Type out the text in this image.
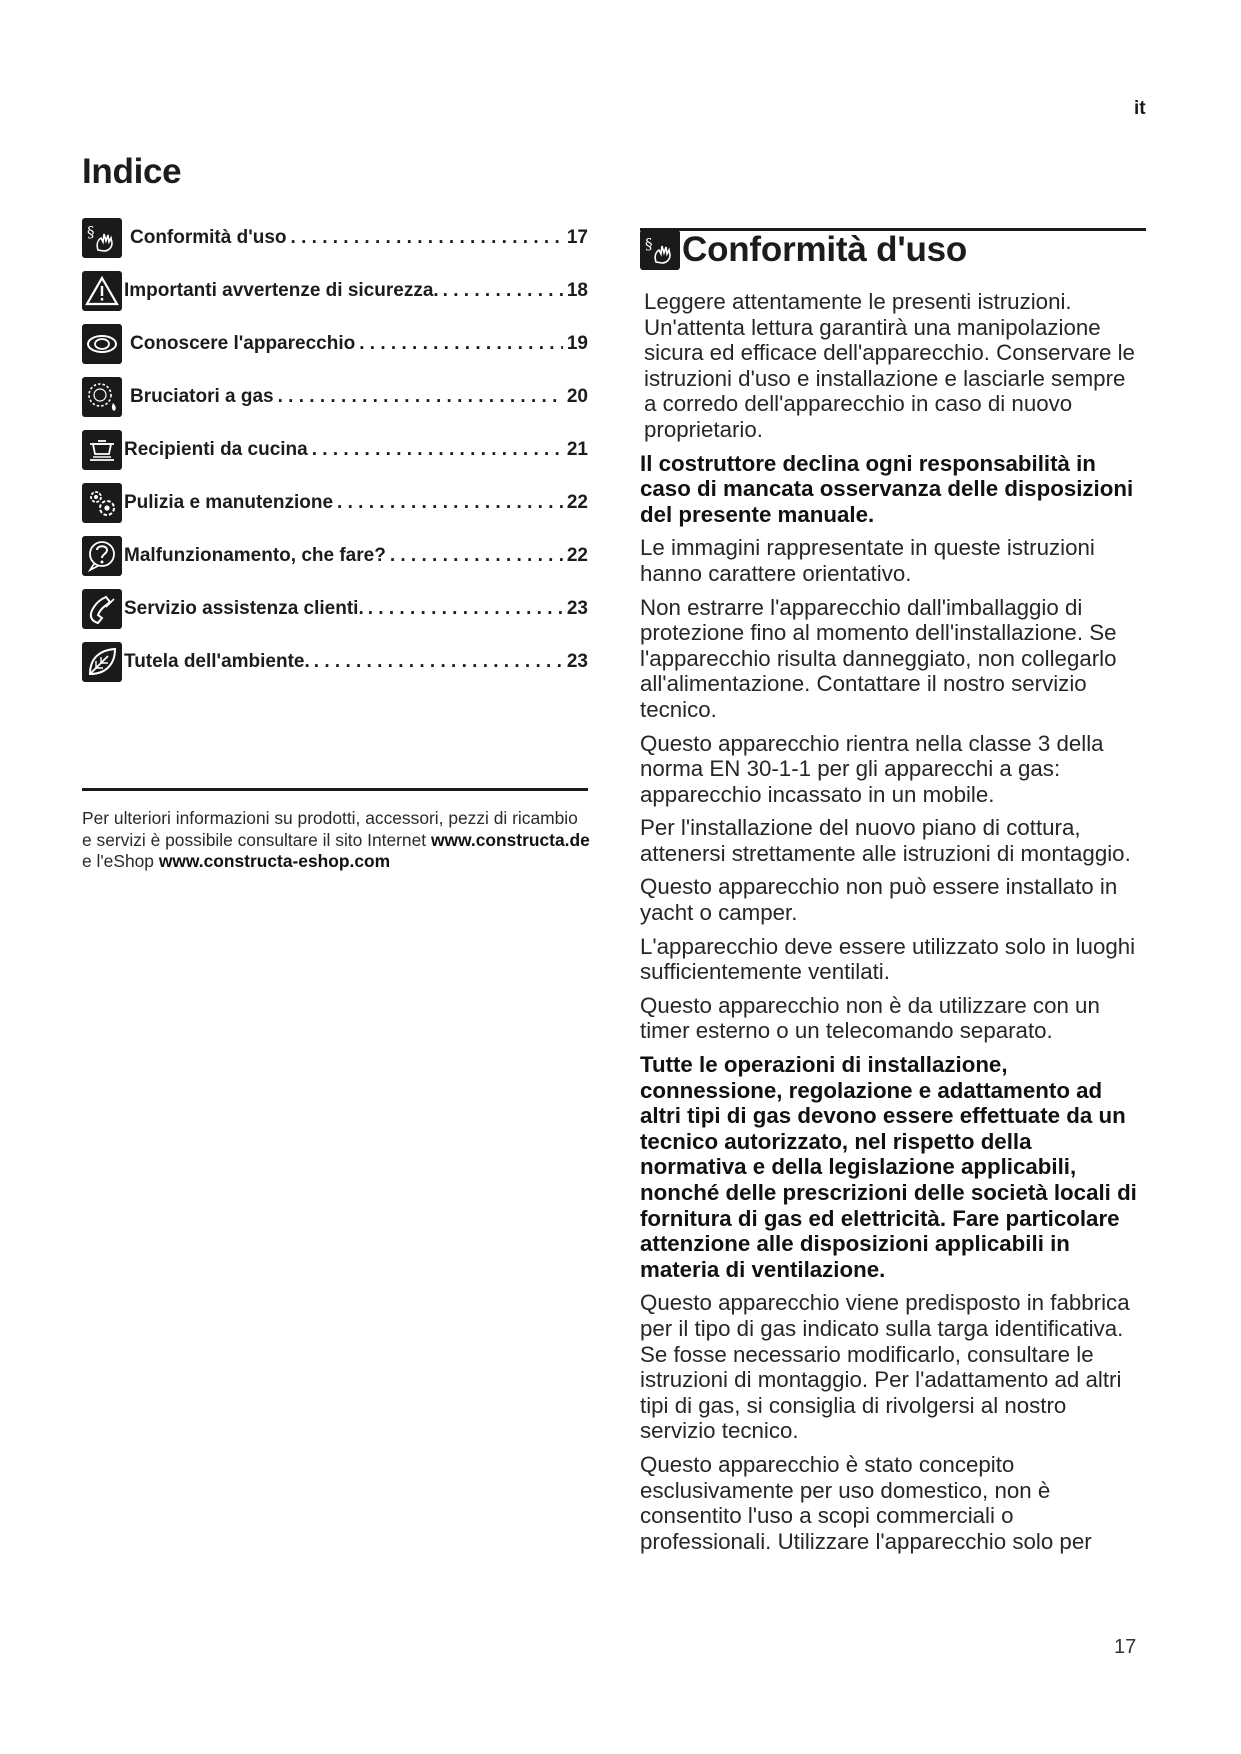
it
Indice
§ Conformità d'uso . . .	17
Importanti avvertenze di sicurezza. . . .	18
Conoscere l'apparecchio . . .	19
Bruciatori a gas . . .	20
Recipienti da cucina . . .	21
Pulizia e manutenzione . . .	22
Malfunzionamento, che fare? . . .	22
Servizio assistenza clienti. . . .	23
Tutela dell'ambiente. . . .	23

Per ulteriori informazioni su prodotti, accessori, pezzi di ricambio e servizi è possibile consultare il sito Internet www.constructa.de e l'eShop www.constructa-eshop.com

§ Conformità d'uso

Leggere attentamente le presenti istruzioni. Un'attenta lettura garantirà una manipolazione sicura ed efficace dell'apparecchio. Conservare le istruzioni d'uso e installazione e lasciarle sempre a corredo dell'apparecchio in caso di nuovo proprietario.

Il costruttore declina ogni responsabilità in caso di mancata osservanza delle disposizioni del presente manuale.

Le immagini rappresentate in queste istruzioni hanno carattere orientativo.

Non estrarre l'apparecchio dall'imballaggio di protezione fino al momento dell'installazione. Se l'apparecchio risulta danneggiato, non collegarlo all'alimentazione. Contattare il nostro servizio tecnico.

Questo apparecchio rientra nella classe 3 della norma EN 30-1-1 per gli apparecchi a gas: apparecchio incassato in un mobile.

Per l'installazione del nuovo piano di cottura, attenersi strettamente alle istruzioni di montaggio.

Questo apparecchio non può essere installato in yacht o camper.

L'apparecchio deve essere utilizzato solo in luoghi sufficientemente ventilati.

Questo apparecchio non è da utilizzare con un timer esterno o un telecomando separato.

Tutte le operazioni di installazione, connessione, regolazione e adattamento ad altri tipi di gas devono essere effettuate da un tecnico autorizzato, nel rispetto della normativa e della legislazione applicabili, nonché delle prescrizioni delle società locali di fornitura di gas ed elettricità. Fare particolare attenzione alle disposizioni applicabili in materia di ventilazione.

Questo apparecchio viene predisposto in fabbrica per il tipo di gas indicato sulla targa identificativa. Se fosse necessario modificarlo, consultare le istruzioni di montaggio. Per l'adattamento ad altri tipi di gas, si consiglia di rivolgersi al nostro servizio tecnico.

Questo apparecchio è stato concepito esclusivamente per uso domestico, non è consentito l'uso a scopi commerciali o professionali. Utilizzare l'apparecchio solo per

17
